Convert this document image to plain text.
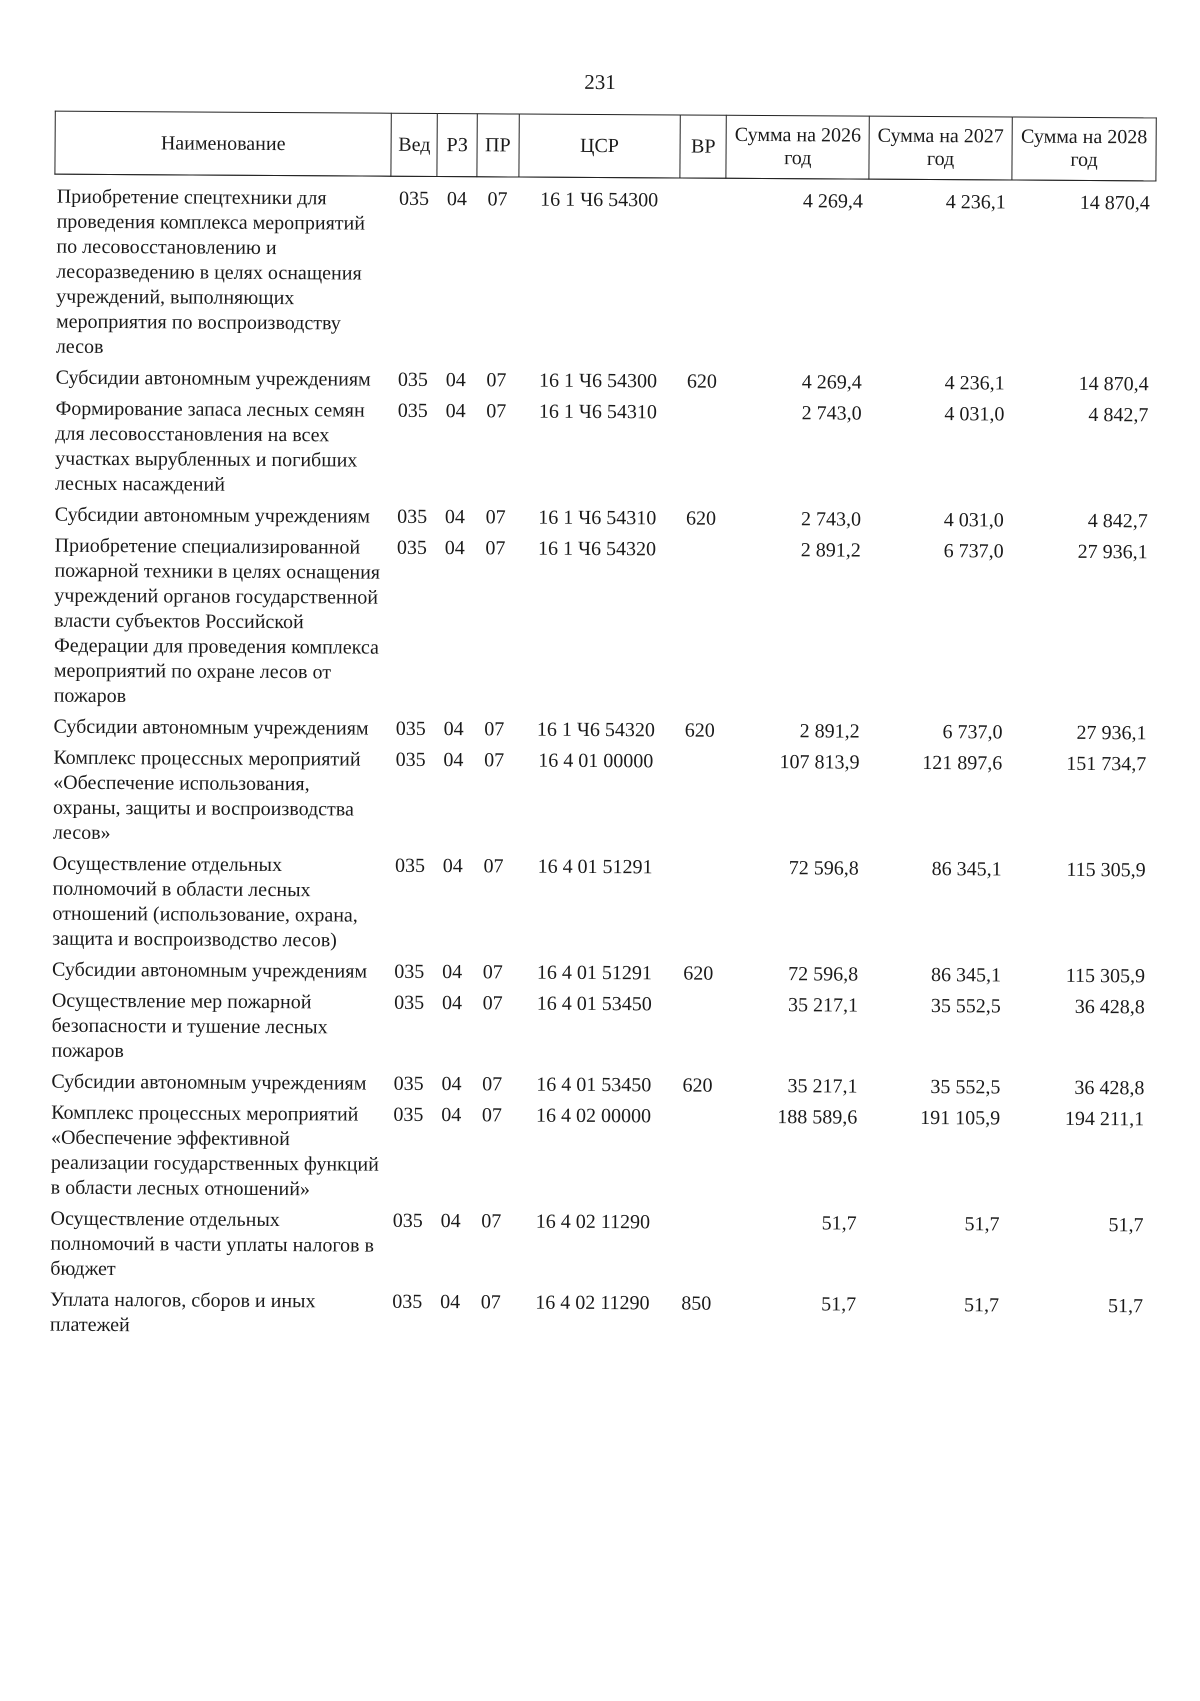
231
Наименование	Вед	РЗ	ПР	ЦСР	ВР	Сумма на 2026 год	Сумма на 2027 год	Сумма на 2028 год
Приобретение спецтехники для проведения комплекса мероприятий по лесовосстановлению и лесоразведению в целях оснащения учреждений, выполняющих мероприятия по воспроизводству лесов	035	04	07	16 1 Ч6 54300		4 269,4	4 236,1	14 870,4
Субсидии автономным учреждениям	035	04	07	16 1 Ч6 54300	620	4 269,4	4 236,1	14 870,4
Формирование запаса лесных семян для лесовосстановления на всех участках вырубленных и погибших лесных насаждений	035	04	07	16 1 Ч6 54310		2 743,0	4 031,0	4 842,7
Субсидии автономным учреждениям	035	04	07	16 1 Ч6 54310	620	2 743,0	4 031,0	4 842,7
Приобретение специализированной пожарной техники в целях оснащения учреждений органов государственной власти субъектов Российской Федерации для проведения комплекса мероприятий по охране лесов от пожаров	035	04	07	16 1 Ч6 54320		2 891,2	6 737,0	27 936,1
Субсидии автономным учреждениям	035	04	07	16 1 Ч6 54320	620	2 891,2	6 737,0	27 936,1
Комплекс процессных мероприятий «Обеспечение использования, охраны, защиты и воспроизводства лесов»	035	04	07	16 4 01 00000		107 813,9	121 897,6	151 734,7
Осуществление отдельных полномочий в области лесных отношений (использование, охрана, защита и воспроизводство лесов)	035	04	07	16 4 01 51291		72 596,8	86 345,1	115 305,9
Субсидии автономным учреждениям	035	04	07	16 4 01 51291	620	72 596,8	86 345,1	115 305,9
Осуществление мер пожарной безопасности и тушение лесных пожаров	035	04	07	16 4 01 53450		35 217,1	35 552,5	36 428,8
Субсидии автономным учреждениям	035	04	07	16 4 01 53450	620	35 217,1	35 552,5	36 428,8
Комплекс процессных мероприятий «Обеспечение эффективной реализации государственных функций в области лесных отношений»	035	04	07	16 4 02 00000		188 589,6	191 105,9	194 211,1
Осуществление отдельных полномочий в части уплаты налогов в бюджет	035	04	07	16 4 02 11290		51,7	51,7	51,7
Уплата налогов, сборов и иных платежей	035	04	07	16 4 02 11290	850	51,7	51,7	51,7
